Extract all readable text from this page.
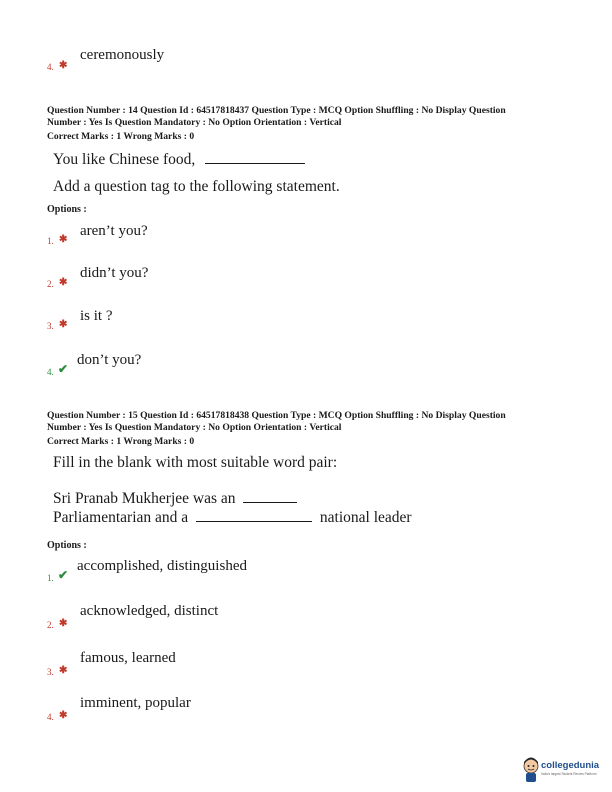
4. ✱
ceremonously
Question Number : 14 Question Id : 64517818437 Question Type : MCQ Option Shuffling : No Display Question
Number : Yes Is Question Mandatory : No Option Orientation : Vertical
Correct Marks : 1 Wrong Marks : 0
You like Chinese food,
Add a question tag to the following statement.
Options :
1. ✱
aren’t you?
2. ✱
didn’t you?
3. ✱
is it ?
4. ✔
don’t you?
Question Number : 15 Question Id : 64517818438 Question Type : MCQ Option Shuffling : No Display Question
Number : Yes Is Question Mandatory : No Option Orientation : Vertical
Correct Marks : 1 Wrong Marks : 0
Fill in the blank with most suitable word pair:
Sri Pranab Mukherjee was an
Parliamentarian and a	national leader
Options :
1. ✔
accomplished, distinguished
2. ✱
acknowledged, distinct
3. ✱
famous, learned
4. ✱
imminent, popular
collegedunia
India's largest Student Review Platform
